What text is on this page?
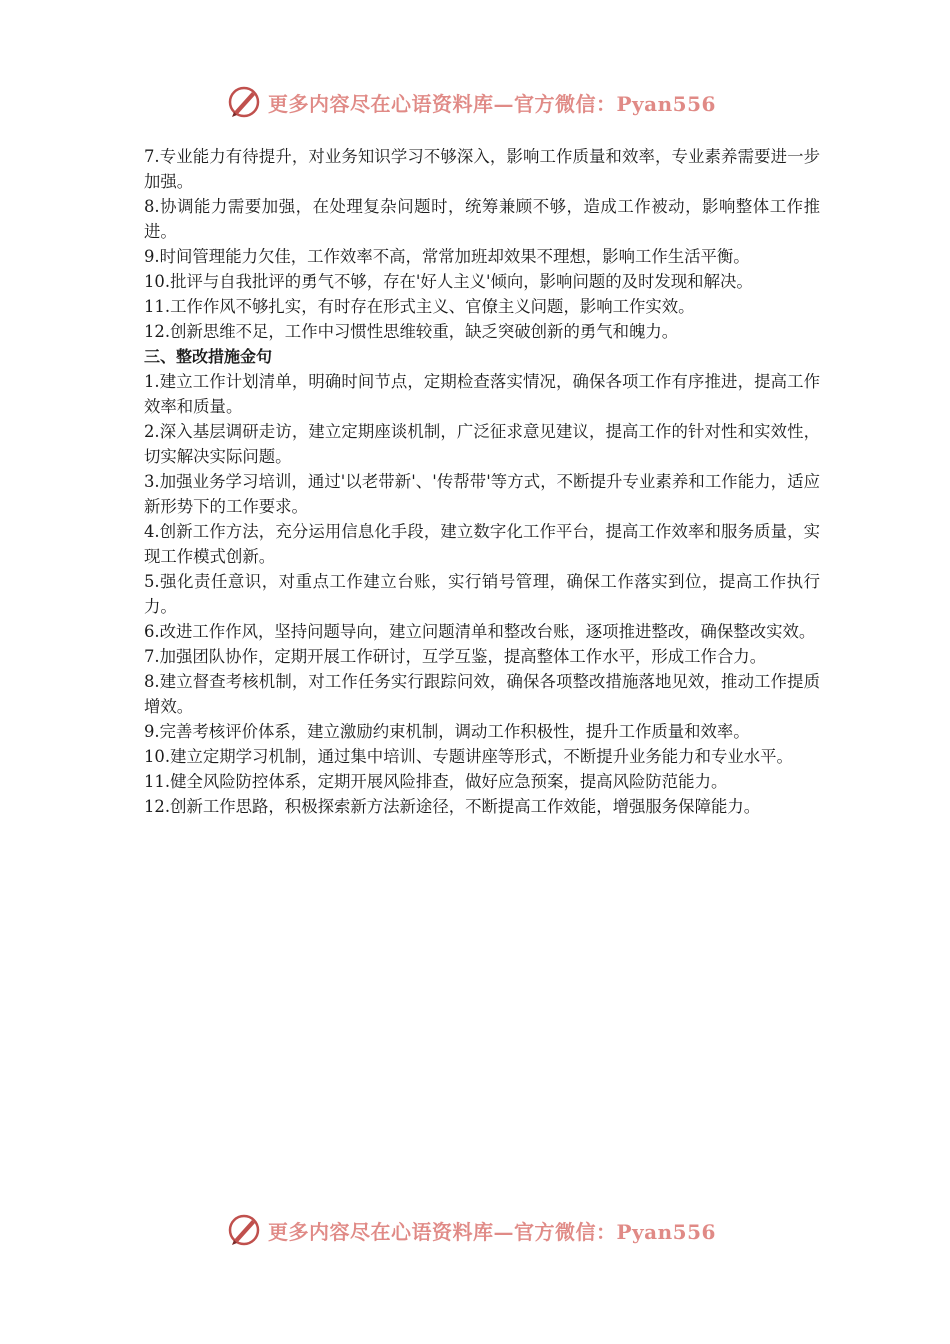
更多内容尽在心语资料库—官方微信：Pyan556

7.专业能力有待提升，对业务知识学习不够深入，影响工作质量和效率，专业素养需要进一步加强。

8.协调能力需要加强，在处理复杂问题时，统筹兼顾不够，造成工作被动，影响整体工作推进。

9.时间管理能力欠佳，工作效率不高，常常加班却效果不理想，影响工作生活平衡。

10.批评与自我批评的勇气不够，存在'好人主义'倾向，影响问题的及时发现和解决。

11.工作作风不够扎实，有时存在形式主义、官僚主义问题，影响工作实效。

12.创新思维不足，工作中习惯性思维较重，缺乏突破创新的勇气和魄力。

三、整改措施金句

1.建立工作计划清单，明确时间节点，定期检查落实情况，确保各项工作有序推进，提高工作效率和质量。

2.深入基层调研走访，建立定期座谈机制，广泛征求意见建议，提高工作的针对性和实效性，切实解决实际问题。

3.加强业务学习培训，通过'以老带新'、'传帮带'等方式，不断提升专业素养和工作能力，适应新形势下的工作要求。

4.创新工作方法，充分运用信息化手段，建立数字化工作平台，提高工作效率和服务质量，实现工作模式创新。

5.强化责任意识，对重点工作建立台账，实行销号管理，确保工作落实到位，提高工作执行力。

6.改进工作作风，坚持问题导向，建立问题清单和整改台账，逐项推进整改，确保整改实效。

7.加强团队协作，定期开展工作研讨，互学互鉴，提高整体工作水平，形成工作合力。

8.建立督查考核机制，对工作任务实行跟踪问效，确保各项整改措施落地见效，推动工作提质增效。

9.完善考核评价体系，建立激励约束机制，调动工作积极性，提升工作质量和效率。

10.建立定期学习机制，通过集中培训、专题讲座等形式，不断提升业务能力和专业水平。

11.健全风险防控体系，定期开展风险排查，做好应急预案，提高风险防范能力。

12.创新工作思路，积极探索新方法新途径，不断提高工作效能，增强服务保障能力。

更多内容尽在心语资料库—官方微信：Pyan556
